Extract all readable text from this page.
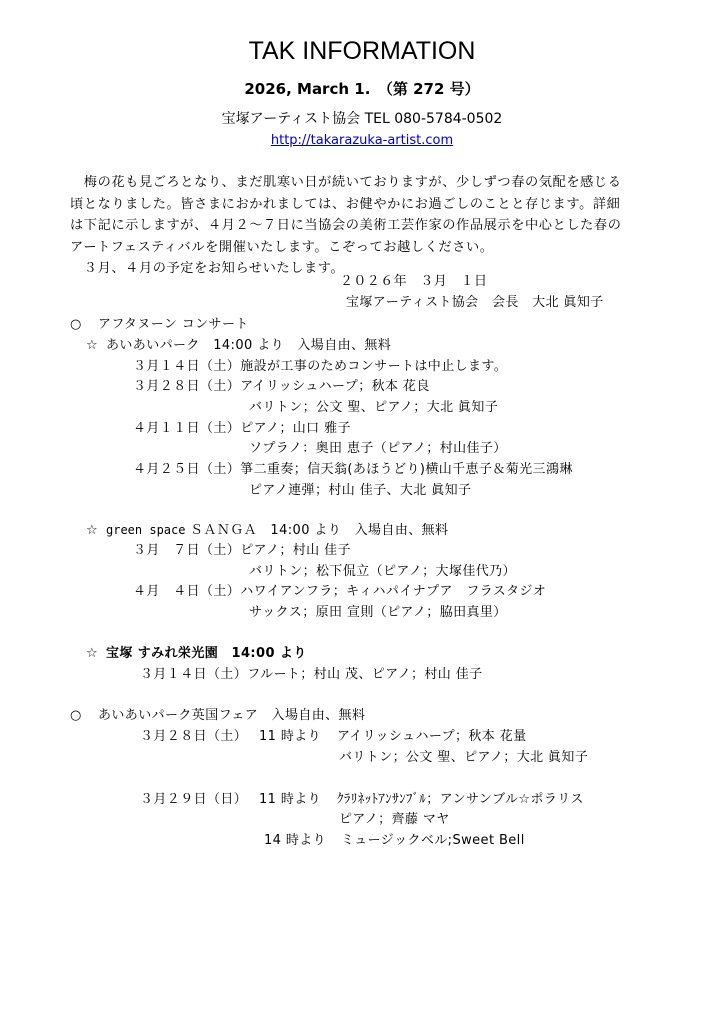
TAK INFORMATION
2026, March 1.　（第 272 号）
宝塚アーティスト協会 TEL 080-5784-0502
http://takarazuka-artist.com

　梅の花も見ごろとなり、まだ肌寒い日が続いておりますが、少しずつ春の気配を感じる頃となりました。皆さまにおかれましては、お健やかにお過ごしのことと存じます。詳細は下記に示しますが、４月２～７日に当協会の美術工芸作家の作品展示を中心とした春のアートフェスティバルを開催いたします。こぞってお越しください。

　３月、４月の予定をお知らせいたします。

２０２６年　３月　１日
宝塚アーティスト協会　会長　大北 眞知子
○ アフタヌーン コンサート
☆ あいあいパーク　14:00 より　入場自由、無料
３月１４日（土）施設が工事のためコンサートは中止します。
３月２８日（土）アイリッシュハープ；秋本 花良
バリトン；公文 聖、ピアノ；大北 眞知子
４月１１日（土）ピアノ；山口 雅子
ソプラノ：奥田 恵子（ピアノ；村山佳子）
４月２５日（土）箏二重奏；信天翁(あほうどり)横山千恵子＆菊光三鴻琳
ピアノ連弾；村山 佳子、大北 眞知子
☆ green space ＳＡＮＧＡ　14:00 より　入場自由、無料
３月　７日（土）ピアノ；村山 佳子
バリトン；松下侃立（ピアノ；大塚佳代乃）
４月　４日（土）ハワイアンフラ；キィハパイナプア　フラスタジオ
サックス；原田 宣則（ピアノ；脇田真里）
☆ 宝塚 すみれ栄光園　14:00 より
３月１４日（土）フルート；村山 茂、ピアノ；村山 佳子
○ あいあいパーク英国フェア　入場自由、無料
３月２８日（土） 11 時より アイリッシュハープ；秋本 花量
バリトン；公文 聖、ピアノ；大北 眞知子
３月２９日（日） 11 時より ｸﾗﾘﾈｯﾄｱﾝｻﾝﾌﾞﾙ；アンサンブル☆ポラリス
ピアノ；齊藤 マヤ
14 時より ミュージックベル;Sweet Bell
